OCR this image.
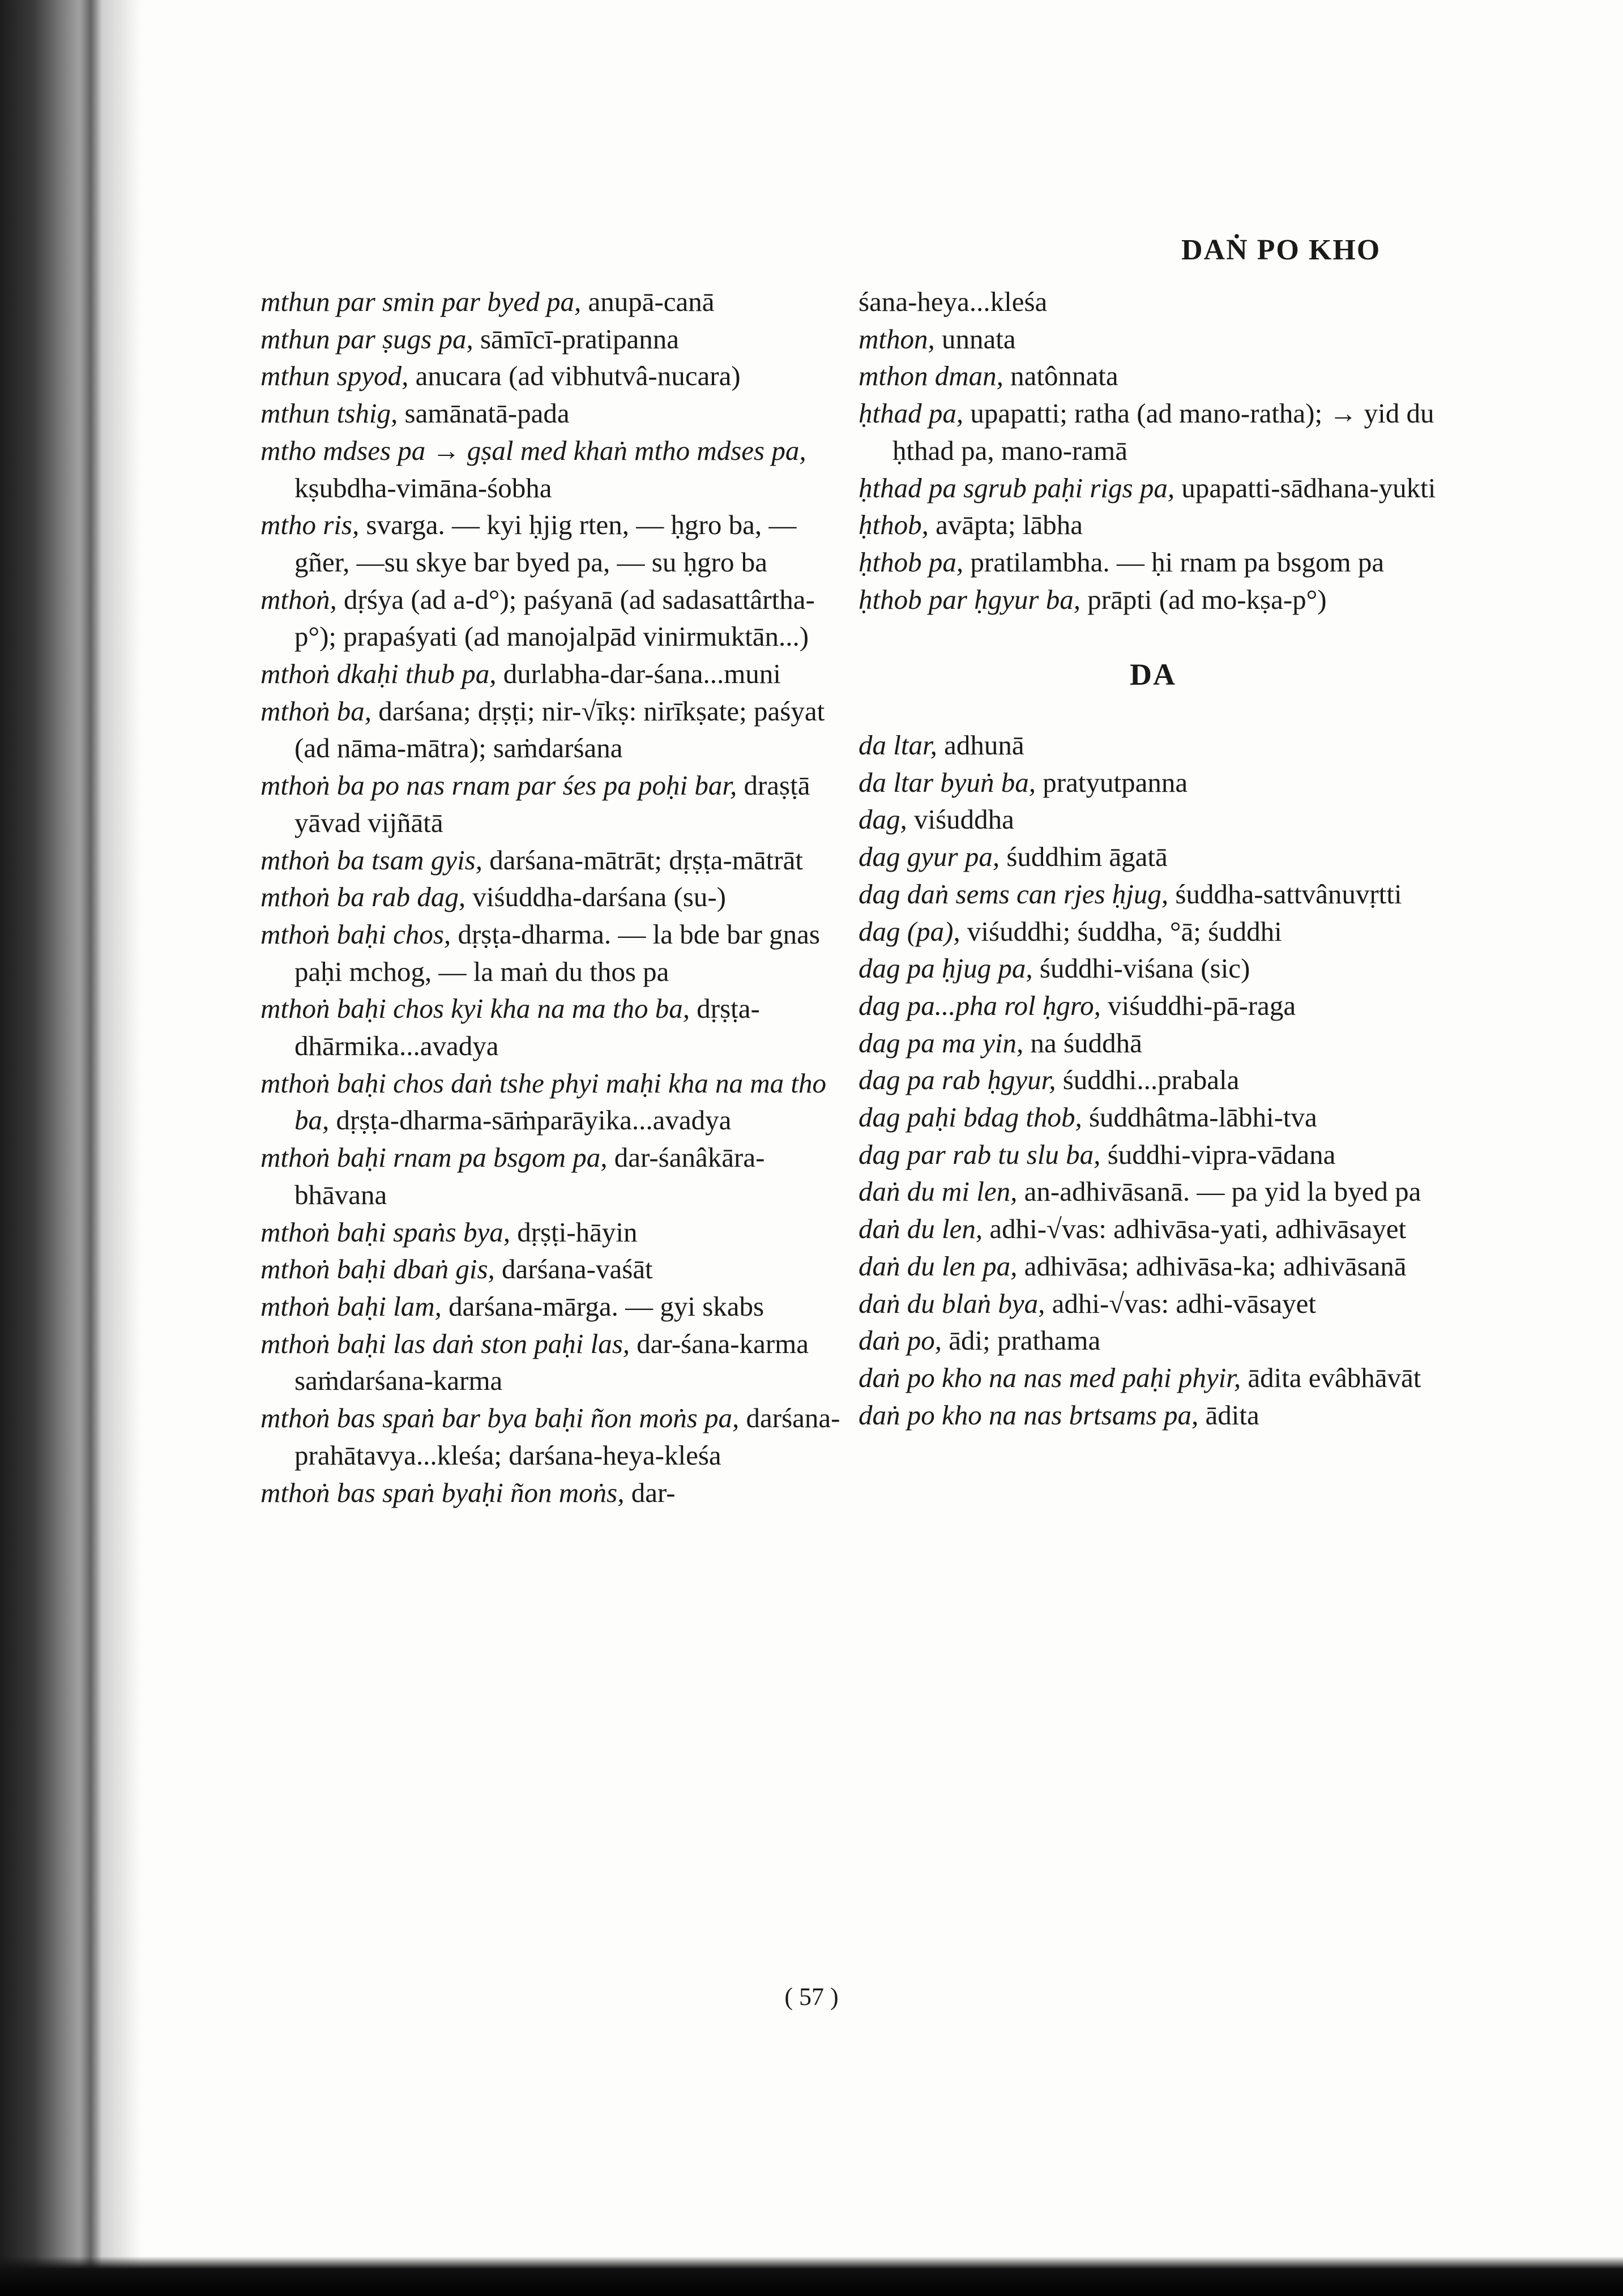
DAṄ PO KHO

mthun par smin par byed pa, anupā-canā

mthun par ṣugs pa, sāmīcī-pratipanna

mthun spyod, anucara (ad vibhutvâ-nucara)

mthun tshig, samānatā-pada

mtho mdses pa → gṣal med khaṅ mtho mdses pa, kṣubdha-vimāna-śobha

mtho ris, svarga. — kyi ḥjig rten, — ḥgro ba, — gñer, —su skye bar byed pa, — su ḥgro ba

mthoṅ, dṛśya (ad a-d°); paśyanā (ad sadasattârtha-p°); prapaśyati (ad manojalpād vinirmuktān...)

mthoṅ dkaḥi thub pa, durlabha-dar-śana...muni

mthoṅ ba, darśana; dṛṣṭi; nir-√īkṣ: nirīkṣate; paśyat (ad nāma-mātra); saṁdarśana

mthoṅ ba po nas rnam par śes pa poḥi bar, draṣṭā yāvad vijñātā

mthoṅ ba tsam gyis, darśana-mātrāt; dṛṣṭa-mātrāt

mthoṅ ba rab dag, viśuddha-darśana (su-)

mthoṅ baḥi chos, dṛṣṭa-dharma. — la bde bar gnas paḥi mchog, — la maṅ du thos pa

mthoṅ baḥi chos kyi kha na ma tho ba, dṛṣṭa-dhārmika...avadya

mthoṅ baḥi chos daṅ tshe phyi maḥi kha na ma tho ba, dṛṣṭa-dharma-sāṁparāyika...avadya

mthoṅ baḥi rnam pa bsgom pa, dar-śanâkāra-bhāvana

mthoṅ baḥi spaṅs bya, dṛṣṭi-hāyin

mthoṅ baḥi dbaṅ gis, darśana-vaśāt

mthoṅ baḥi lam, darśana-mārga. — gyi skabs

mthoṅ baḥi las daṅ ston paḥi las, dar-śana-karma saṁdarśana-karma

mthoṅ bas spaṅ bar bya baḥi ñon moṅs pa, darśana-prahātavya...kleśa; darśana-heya-kleśa

mthoṅ bas spaṅ byaḥi ñon moṅs, dar-

śana-heya...kleśa

mthon, unnata

mthon dman, natônnata

ḥthad pa, upapatti; ratha (ad mano-ratha); → yid du ḥthad pa, mano-ramā

ḥthad pa sgrub paḥi rigs pa, upapatti-sādhana-yukti

ḥthob, avāpta; lābha

ḥthob pa, pratilambha. — ḥi rnam pa bsgom pa

ḥthob par ḥgyur ba, prāpti (ad mo-kṣa-p°)

DA

da ltar, adhunā

da ltar byuṅ ba, pratyutpanna

dag, viśuddha

dag gyur pa, śuddhim āgatā

dag daṅ sems can rjes ḥjug, śuddha-sattvânuvṛtti

dag (pa), viśuddhi; śuddha, °ā; śuddhi

dag pa ḥjug pa, śuddhi-viśana (sic)

dag pa...pha rol ḥgro, viśuddhi-pā-raga

dag pa ma yin, na śuddhā

dag pa rab ḥgyur, śuddhi...prabala

dag paḥi bdag thob, śuddhâtma-lābhi-tva

dag par rab tu slu ba, śuddhi-vipra-vādana

daṅ du mi len, an-adhivāsanā. — pa yid la byed pa

daṅ du len, adhi-√vas: adhivāsa-yati, adhivāsayet

daṅ du len pa, adhivāsa; adhivāsa-ka; adhivāsanā

daṅ du blaṅ bya, adhi-√vas: adhi-vāsayet

daṅ po, ādi; prathama

daṅ po kho na nas med paḥi phyir, ādita evâbhāvāt

daṅ po kho na nas brtsams pa, ādita

( 57 )
